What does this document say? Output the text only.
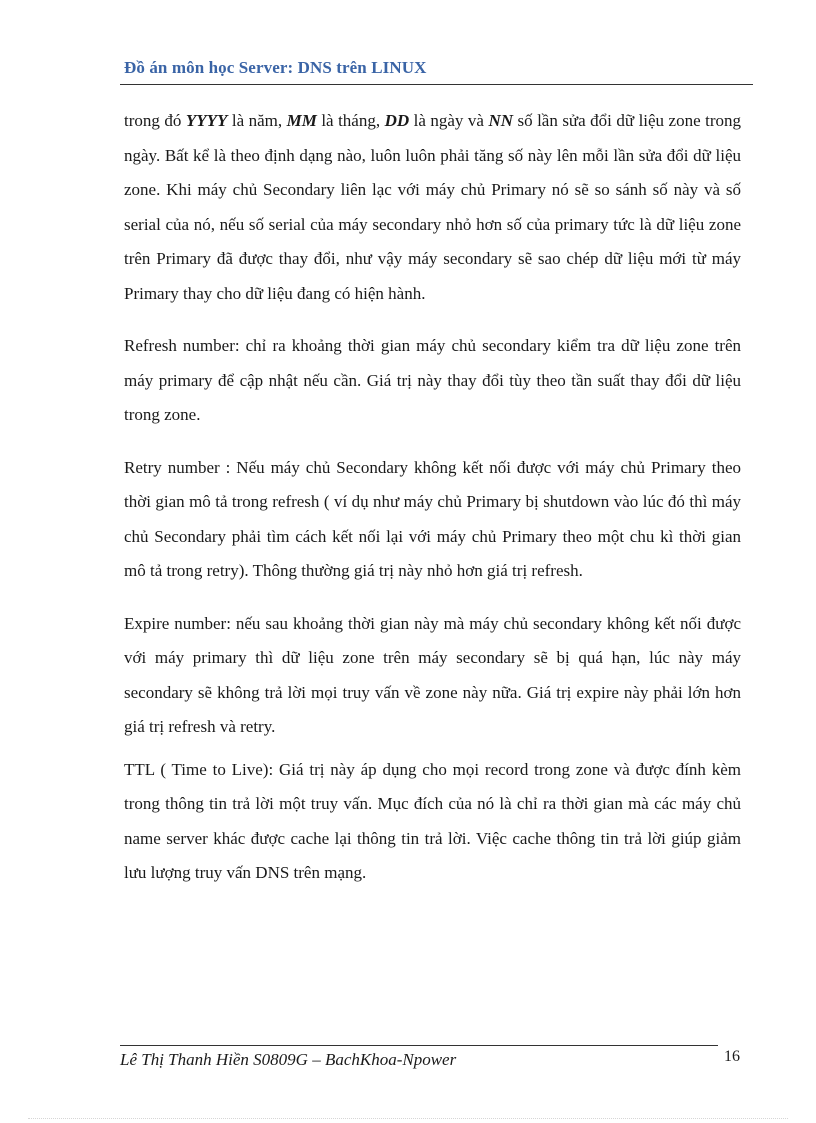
Đồ án môn học Server: DNS trên LINUX

trong đó YYYY là năm, MM là tháng, DD là ngày và NN số lần sửa đổi dữ liệu zone trong ngày. Bất kể là theo định dạng nào, luôn luôn phải tăng số này lên mỗi lần sửa đổi dữ liệu zone. Khi máy chủ Secondary liên lạc với máy chủ Primary nó sẽ so sánh số này và số serial của nó, nếu số serial của máy secondary nhỏ hơn số của primary tức là dữ liệu zone trên Primary đã được thay đổi, như vậy máy secondary sẽ sao chép dữ liệu mới từ máy Primary thay cho dữ liệu đang có hiện hành.

Refresh number: chỉ ra khoảng thời gian máy chủ secondary kiểm tra dữ liệu zone trên máy primary để cập nhật nếu cần. Giá trị này thay đổi tùy theo tần suất thay đổi dữ liệu trong zone.

Retry number : Nếu máy chủ Secondary không kết nối được với máy chủ Primary theo thời gian mô tả trong refresh ( ví dụ như máy chủ Primary bị shutdown vào lúc đó thì máy chủ Secondary phải tìm cách kết nối lại với máy chủ Primary theo một chu kì thời gian mô tả trong retry). Thông thường giá trị này nhỏ hơn giá trị refresh.

Expire number: nếu sau khoảng thời gian này mà máy chủ secondary không kết nối được với máy primary thì dữ liệu zone trên máy secondary sẽ bị quá hạn, lúc này máy secondary sẽ không trả lời mọi truy vấn về zone này nữa. Giá trị expire này phải lớn hơn giá trị refresh và retry.

TTL ( Time to Live): Giá trị này áp dụng cho mọi record trong zone và được đính kèm trong thông tin trả lời một truy vấn. Mục đích của nó là chỉ ra thời gian mà các máy chủ name server khác được cache lại thông tin trả lời. Việc cache thông tin trả lời giúp giảm lưu lượng truy vấn DNS trên mạng.

Lê Thị Thanh Hiền S0809G – BachKhoa-Npower	16
